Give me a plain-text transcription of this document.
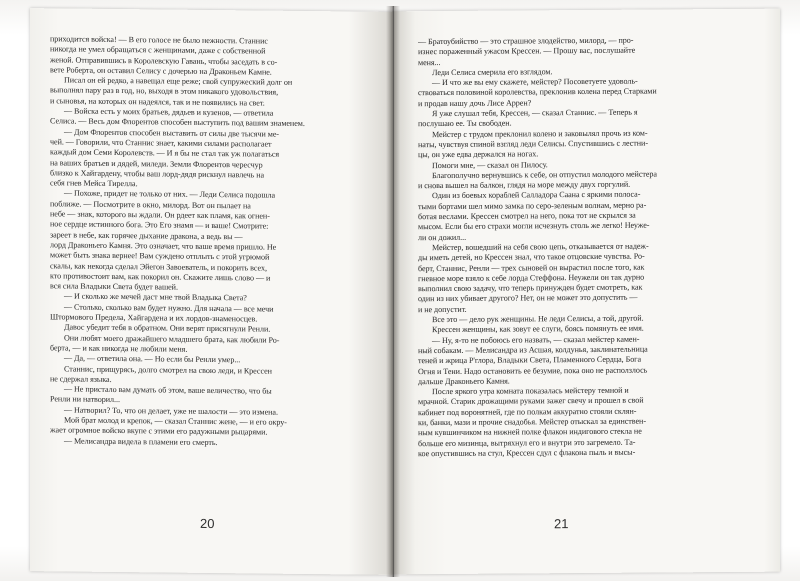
приходится войска! — В его голосе не было нежности. Станнис
никогда не умел обращаться с женщинами, даже с собственной
женой. Отправившись в Королевскую Гавань, чтобы заседать в со-
вете Роберта, он оставил Селису с дочерью на Драконьем Камне.
Писал он ей редко, а навещал еще реже; свой супружеский долг он
выполнял пару раз в год, но, выходя в этом никакого удовольствия,
и сыновья, на которых он надеялся, так и не появились на свет.
— Войска есть у моих братьев, дядьев и кузенов, — ответила
Селиса. — Весь дом Флорентов способен выступить под вашим знаменем.
— Дом Флорентов способен выставить от силы две тысячи ме-
чей. — Говорили, что Станнис знает, какими силами располагает
каждый дом Семи Королевств. — И я бы не стал так уж полагаться
на ваших братьев и дядей, миледи. Земли Флорентов чересчур
близко к Хайгардену, чтобы ваш лорд-дядя рискнул навлечь на
себя гнев Мейса Тирелла.
— Похоже, придет не только от них. — Леди Селиса подошла
поближе. — Посмотрите в окно, милорд. Вот он пылает на
небе — знак, которого вы ждали. Он рдеет как пламя, как огнен-
ное сердце истинного бога. Это Его знамя — и ваше! Смотрите:
зареет в небе, как горячее дыхание дракона, а ведь вы —
лорд Драконьего Камня. Это означает, что ваше время пришло. Не
может быть знака вернее! Вам суждено отплыть с этой угрюмой
скалы, как некогда сделал Эйегон Завоеватель, и покорить всех,
кто противостоит вам, как покорил он. Скажите лишь слово — и
вся сила Владыки Света будет вашей.
— И сколько же мечей даст мне твой Владыка Света?
— Столько, сколько вам будет нужно. Для начала — все мечи
Штормового Предела, Хайгардена и их лордов-знаменосцев.
Давос убедит тебя в обратном. Они верят присягнули Ренли.
Они любят моего дражайшего младшего брата, как любили Ро-
берта, — и как никогда не любили меня.
— Да, — ответила она. — Но если бы Ренли умер...
Станнис, прищурясь, долго смотрел на свою леди, и Крессен
не сдержал языка.
— Не пристало вам думать об этом, ваше величество, что бы
Ренли ни натворил...
— Натворил? То, что он делает, уже не шалости — это измена.
Мой брат молод и крепок, — сказал Станнис жене, — и его окру-
жает огромное войско вкупе с этими его радужными рыцарями.
— Мелисандра видела в пламени его смерть.
20
— Братоубийство — это страшное злодейство, милорд, — про-
изнес пораженный ужасом Крессен. — Прошу вас, послушайте
меня...
Леди Селиса смерила его взглядом.
— И что же вы ему скажете, мейстер? Посоветуете удоволь-
ствоваться половиной королевства, преклонив колена перед Старками
и продав нашу дочь Лисе Аррен?
Я уже слушал тебя, Крессен, — сказал Станнис. — Теперь я
послушаю ее. Ты свободен.
Мейстер с трудом преклонил колено и заковылял прочь из ком-
наты, чувствуя спиной взгляд леди Селисы. Спустившись с лестни-
цы, он уже едва держался на ногах.
Помоги мне, — сказал он Пилосу.
Благополучно вернувшись к себе, он отпустил молодого мейстера
и снова вышел на балкон, глядя на море между двух горгулий.
Один из боевых кораблей Салладора Саана с яркими полоса-
тыми бортами шел мимо замка по серо-зеленым волнам, мерно ра-
ботая веслами. Крессен смотрел на него, пока тот не скрылся за
мысом. Если бы его страхи могли исчезнуть столь же легко! Неуже-
ли он дожил...
Мейстер, вошедший на себя свою цепь, отказывается от надеж-
ды иметь детей, но Крессен знал, что такое отцовские чувства. Ро-
берт, Станнис, Ренли — трех сыновей он вырастил после того, как
гневное море взяло к себе лорда Стеффона. Неужели он так дурно
выполнил свою задачу, что теперь принужден будет смотреть, как
один из них убивает другого? Нет, он не может это допустить —
и не допустит.
Все это — дело рук женщины. Не леди Селисы, а той, другой.
Крессен женщины, как зовут ее слуги, боясь помянуть ее имя.
— Ну, я-то не побоюсь его назвать, — сказал мейстер камен-
ный собакам. — Мелисандра из Асшая, колдунья, заклинательница
теней и жрица Р'глора, Владыки Света, Пламенного Сердца, Бога
Огня и Тени. Надо остановить ее безумие, пока оно не расползлось
дальше Драконьего Камня.
После яркого утра комната показалась мейстеру темной и
мрачной. Старик дрожащими руками зажег свечу и прошел в свой
кабинет под воронятней, где по полкам аккуратно стояли склян-
ки, банки, мази и прочие снадобья. Мейстер отыскал за единствен-
ным кувшинчиком на нижней полке флакон индигового стекла не
больше его мизинца, вытряхнул его и внутри это загремело. Та-
кое опустившись на стул, Крессен сдул с флакона пыль и высы-
21
